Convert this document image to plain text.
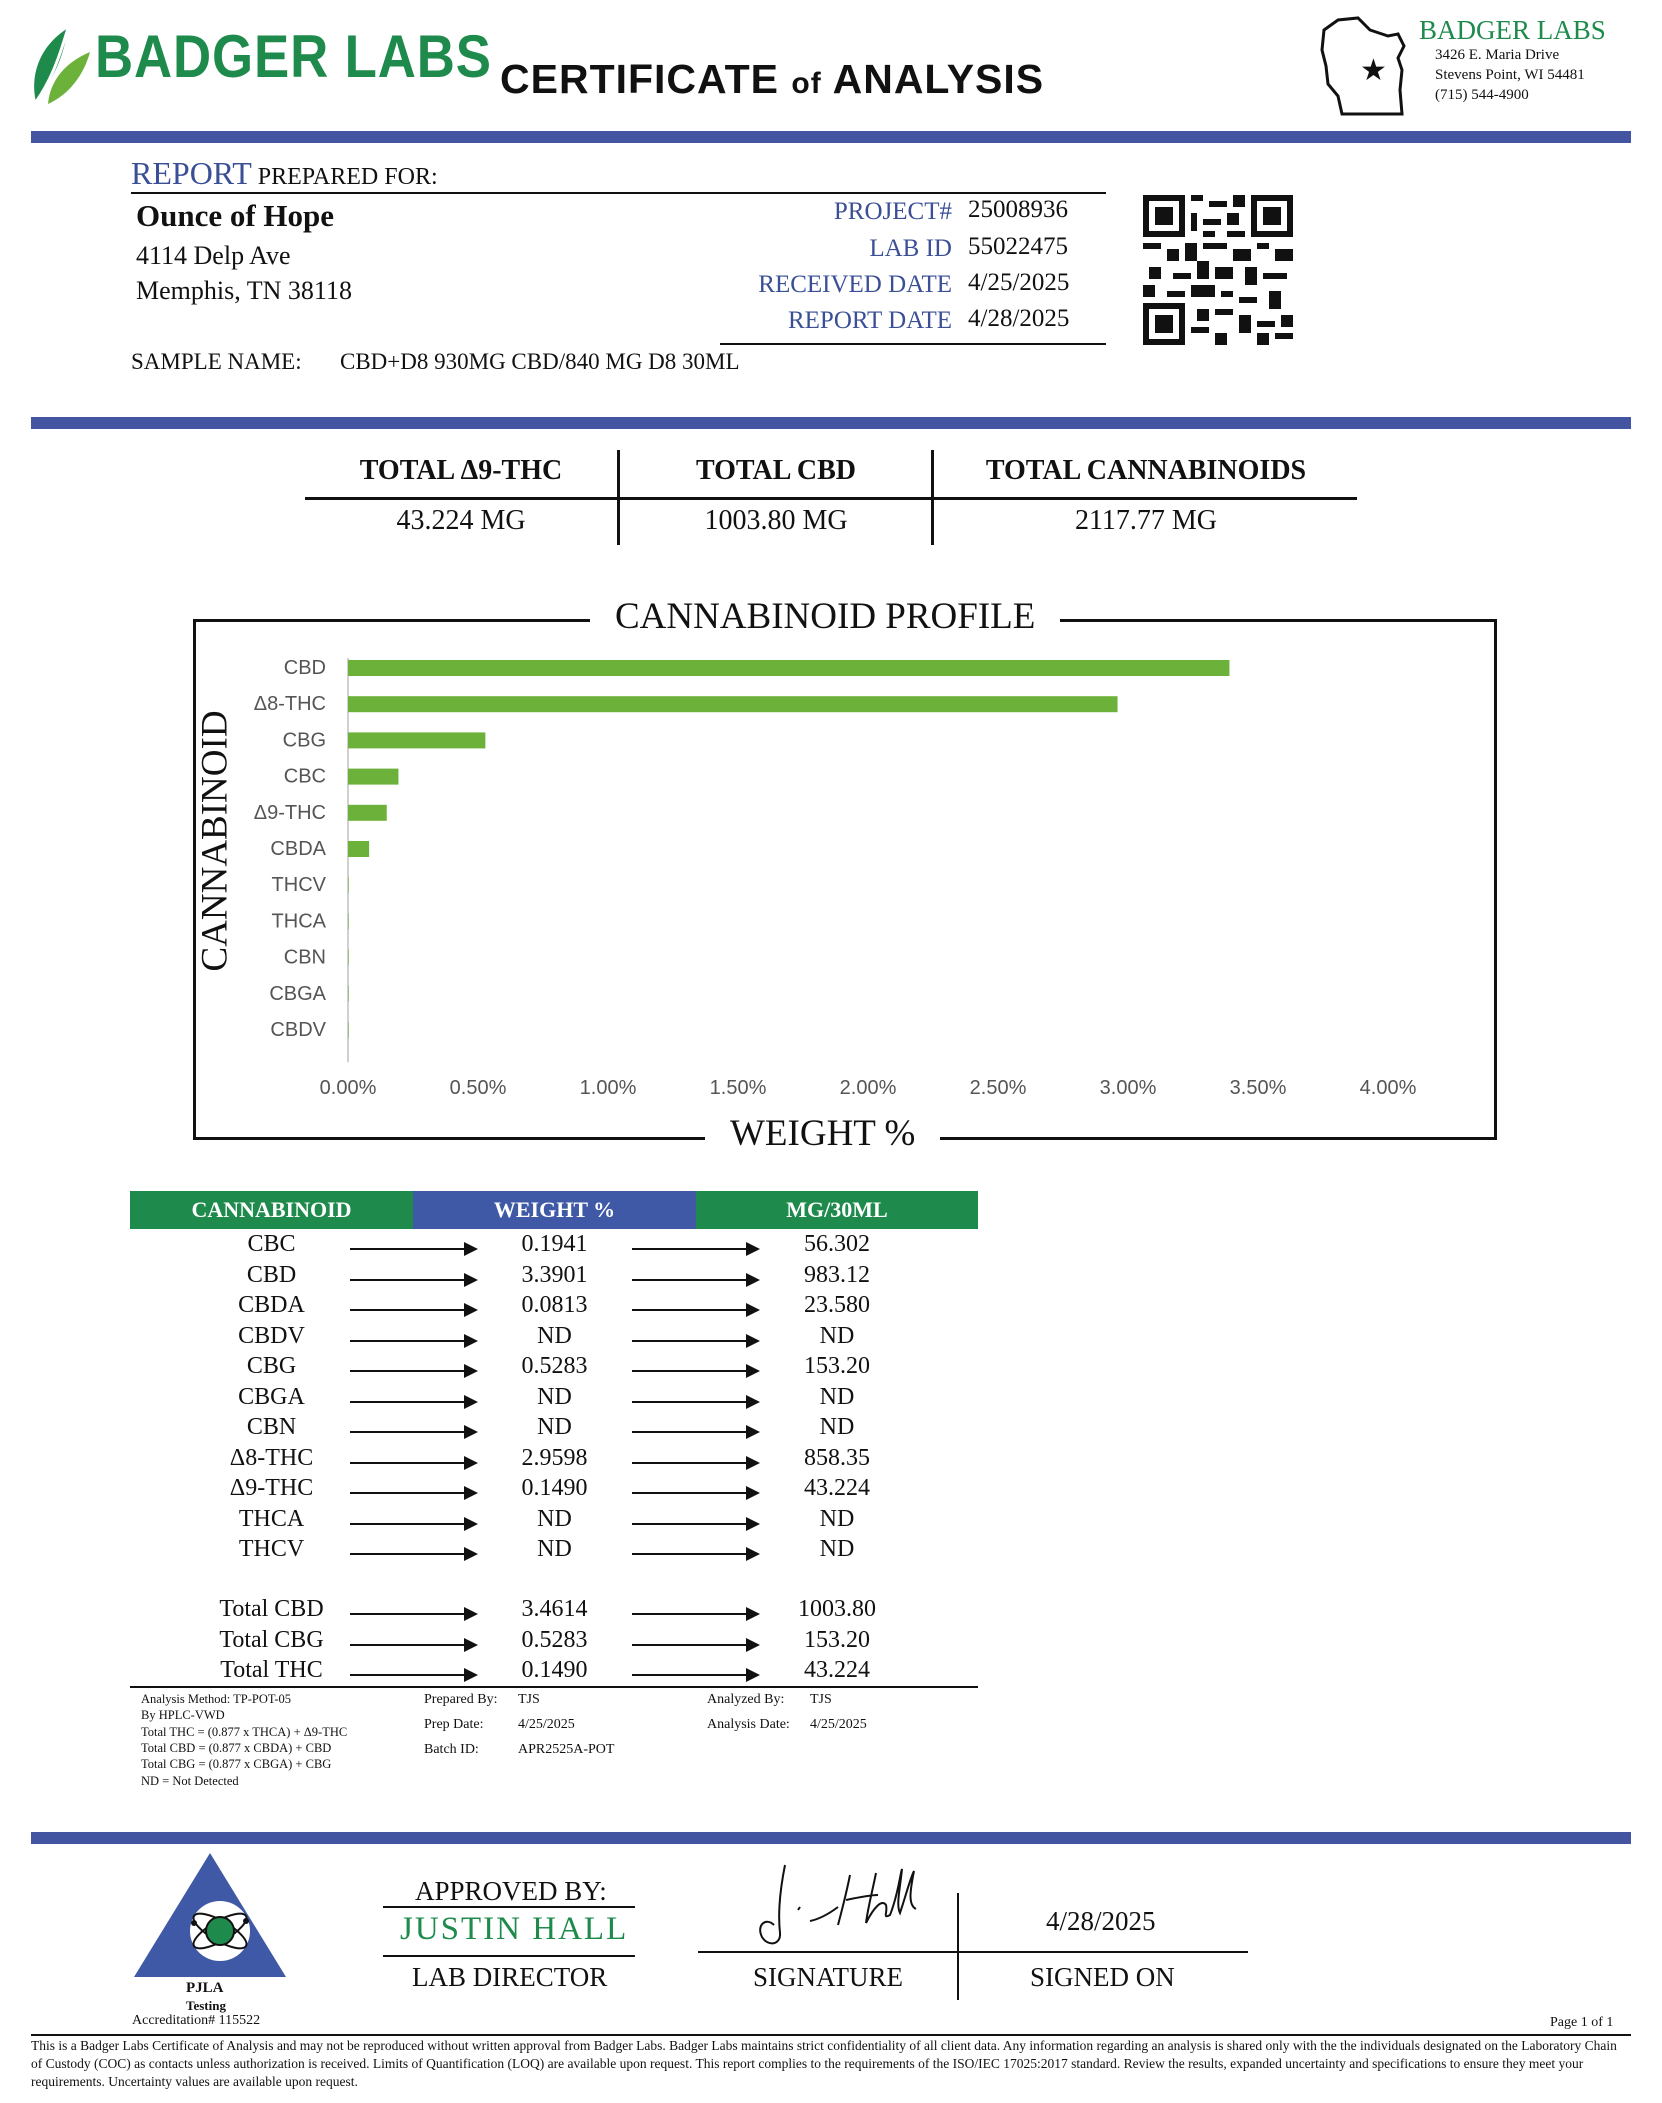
BADGER LABS CERTIFICATE of ANALYSIS	★
BADGER LABS
3426 E. Maria Drive
Stevens Point, WI 54481
(715) 544-4900
REPORT PREPARED FOR:
Ounce of Hope
4114 Delp Ave
Memphis, TN 38118
PROJECT# 25008936
LAB ID 55022475
RECEIVED DATE 4/25/2025
REPORT DATE 4/28/2025
SAMPLE NAME: CBD+D8 930MG CBD/840 MG D8 30ML
TOTAL Δ9-THC	TOTAL CBD	TOTAL CANNABINOIDS
43.224 MG	1003.80 MG	2117.77 MG
CANNABINOID PROFILE
CANNABINOID
WEIGHT %
CBD
Δ8-THC
CBG
CBC
Δ9-THC
CBDA
THCV
THCA
CBN
CBGA
CBDV
0.00%	0.50%	1.00%	1.50%	2.00%	2.50%	3.00%	3.50%	4.00%
CANNABINOID	WEIGHT %	MG/30ML
CBC	0.1941	56.302
CBD	3.3901	983.12
CBDA	0.0813	23.580
CBDV	ND	ND
CBG	0.5283	153.20
CBGA	ND	ND
CBN	ND	ND
Δ8-THC	2.9598	858.35
Δ9-THC	0.1490	43.224
THCA	ND	ND
THCV	ND	ND
Total CBD	3.4614	1003.80
Total CBG	0.5283	153.20
Total THC	0.1490	43.224
Analysis Method: TP-POT-05
By HPLC-VWD
Total THC = (0.877 x THCA) + Δ9-THC
Total CBD = (0.877 x CBDA) + CBD
Total CBG = (0.877 x CBGA) + CBG
ND = Not Detected
Prepared By: TJS
Prep Date: 4/25/2025
Batch ID:	APR2525A-POT
Analyzed By: TJS
Analysis Date: 4/25/2025
PJLA
Testing
Accreditation# 115522
APPROVED BY:
JUSTIN HALL
LAB DIRECTOR
4/28/2025
SIGNATURE	SIGNED ON
Page 1 of 1
This is a Badger Labs Certificate of Analysis and may not be reproduced without written approval from Badger Labs. Badger Labs maintains strict confidentiality of all client data. Any information regarding an analysis is shared only with the the individuals designated on the Laboratory Chain of Custody (COC) as contacts unless authorization is received. Limits of Quantification (LOQ) are available upon request. This report complies to the requirements of the ISO/IEC 17025:2017 standard. Review the results, expanded uncertainty and specifications to ensure they meet your requirements. Uncertainty values are available upon request.
